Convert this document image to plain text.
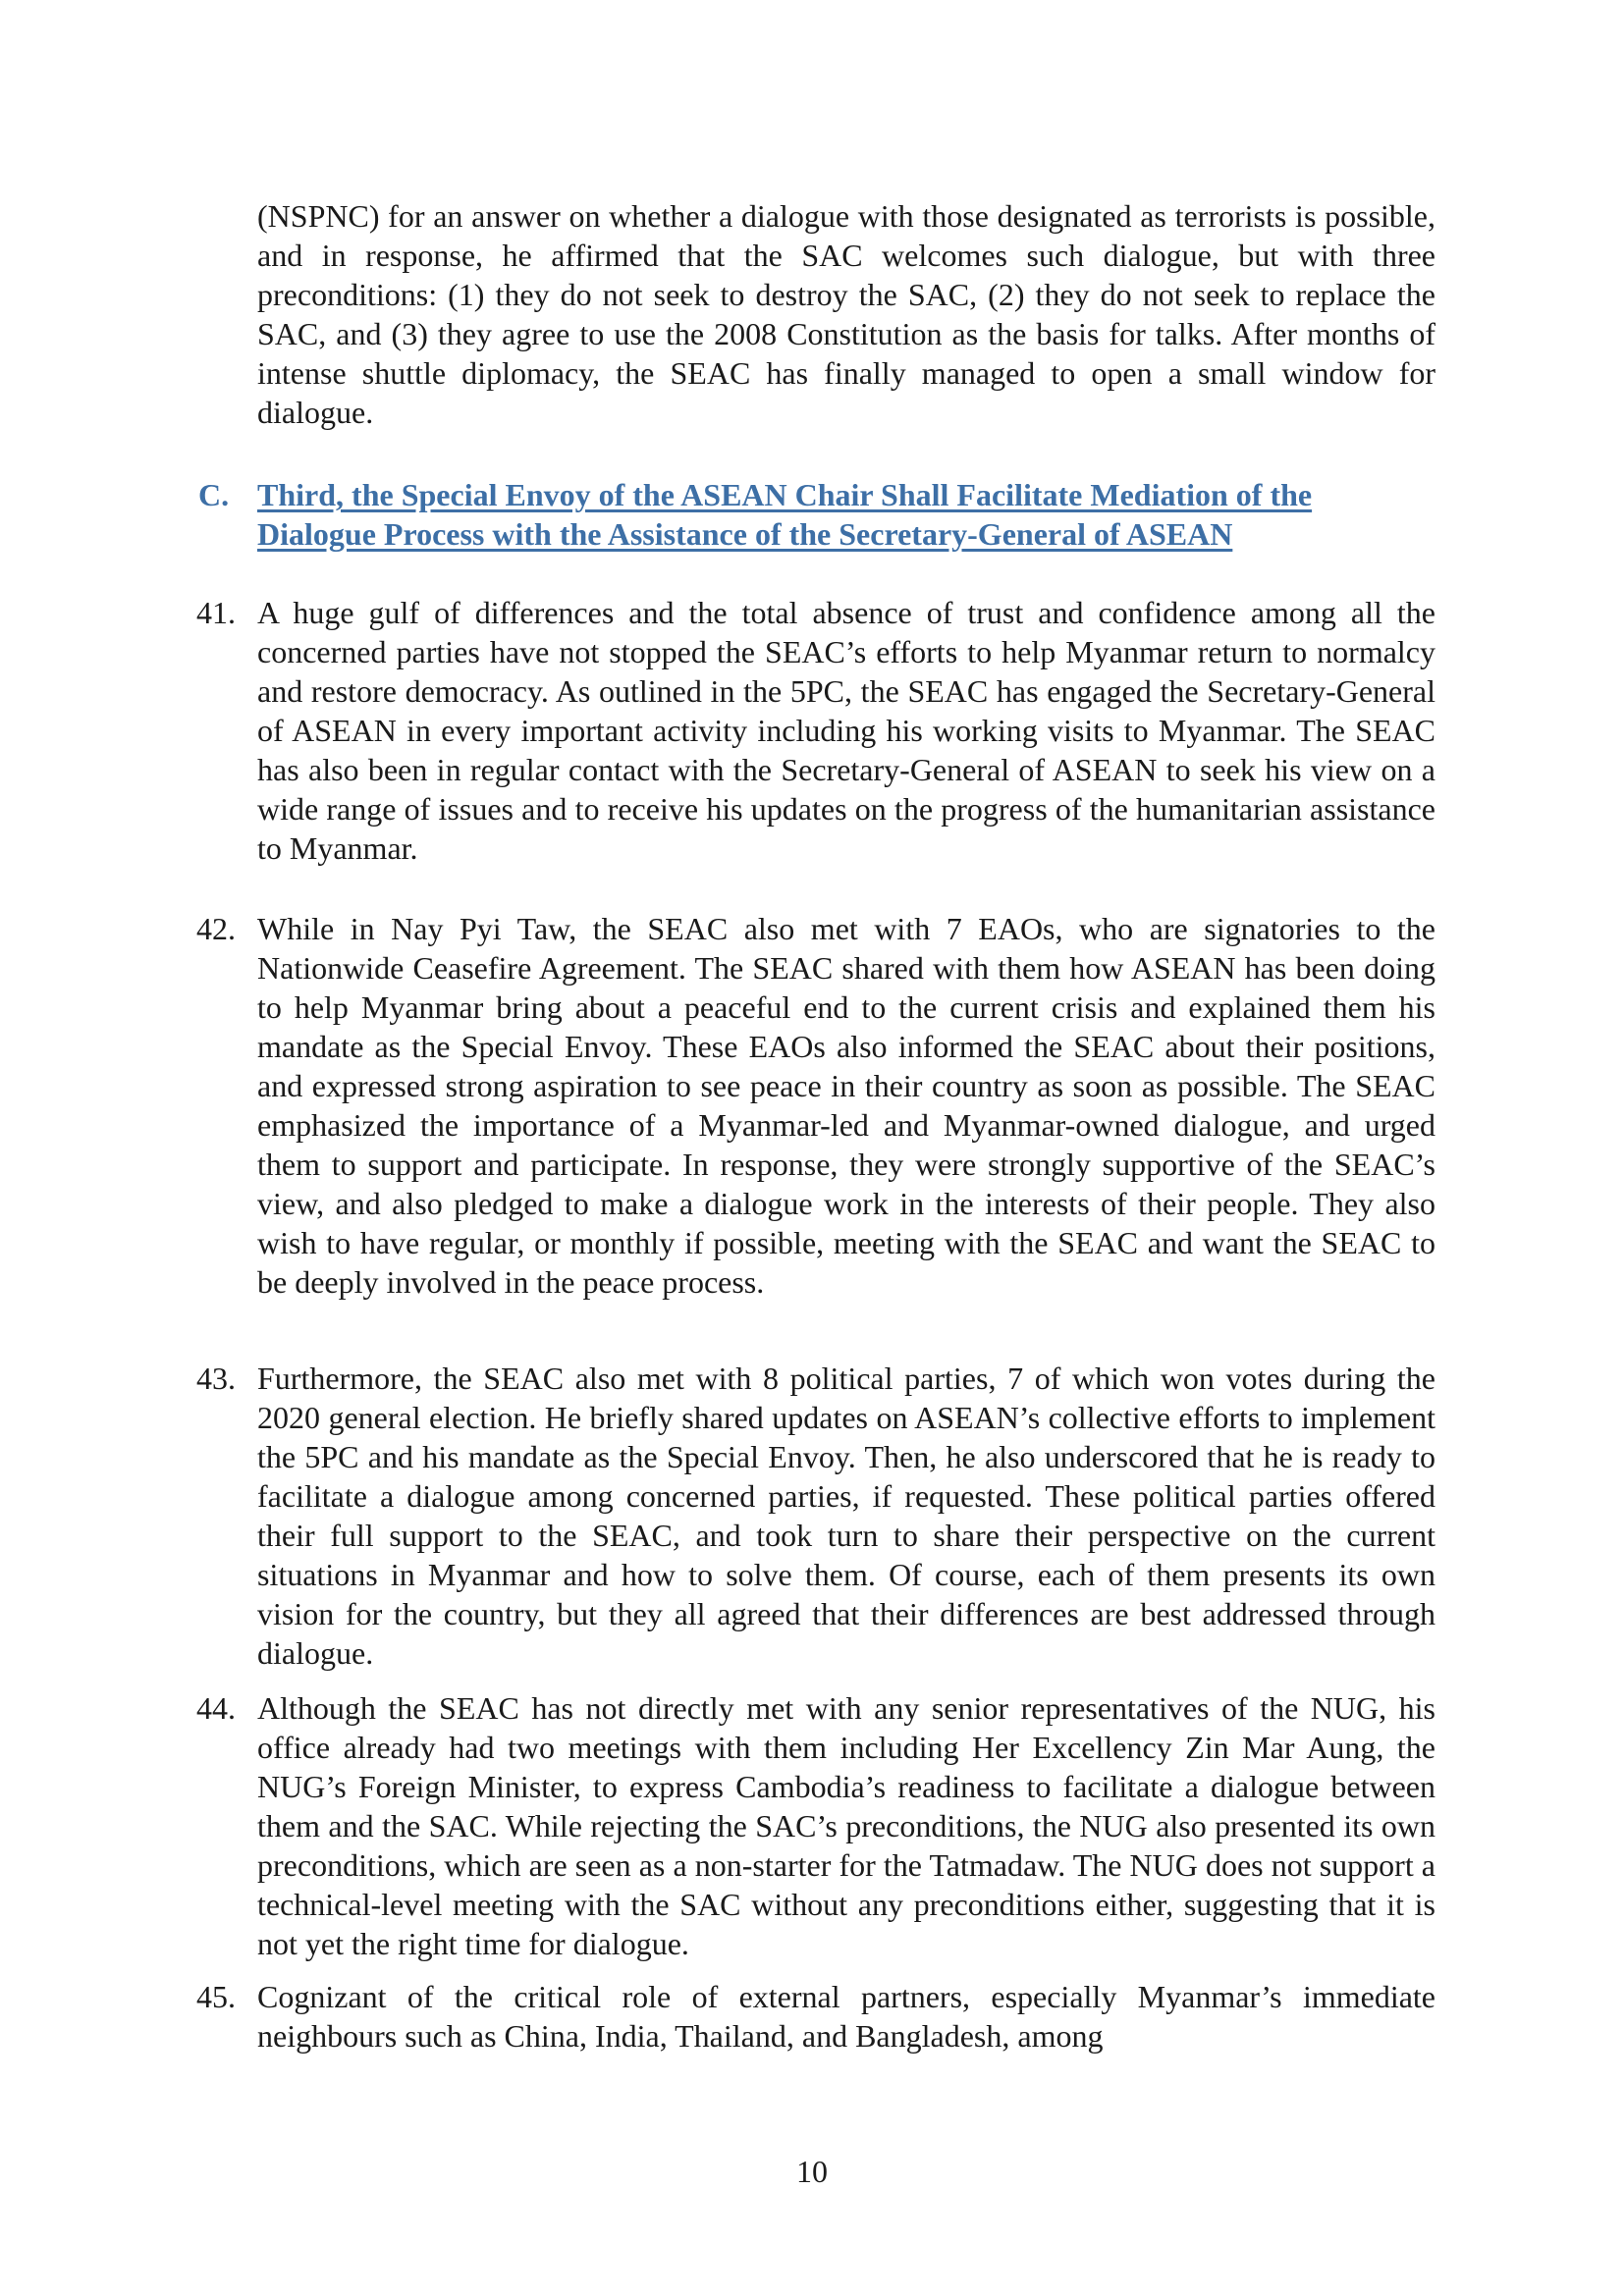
(NSPNC) for an answer on whether a dialogue with those designated as terrorists is possible, and in response, he affirmed that the SAC welcomes such dialogue, but with three preconditions: (1) they do not seek to destroy the SAC, (2) they do not seek to replace the SAC, and (3) they agree to use the 2008 Constitution as the basis for talks. After months of intense shuttle diplomacy, the SEAC has finally managed to open a small window for dialogue.

C. Third, the Special Envoy of the ASEAN Chair Shall Facilitate Mediation of the Dialogue Process with the Assistance of the Secretary-General of ASEAN
41. A huge gulf of differences and the total absence of trust and confidence among all the concerned parties have not stopped the SEAC’s efforts to help Myanmar return to normalcy and restore democracy. As outlined in the 5PC, the SEAC has engaged the Secretary-General of ASEAN in every important activity including his working visits to Myanmar. The SEAC has also been in regular contact with the Secretary-General of ASEAN to seek his view on a wide range of issues and to receive his updates on the progress of the humanitarian assistance to Myanmar.
42. While in Nay Pyi Taw, the SEAC also met with 7 EAOs, who are signatories to the Nationwide Ceasefire Agreement. The SEAC shared with them how ASEAN has been doing to help Myanmar bring about a peaceful end to the current crisis and explained them his mandate as the Special Envoy. These EAOs also informed the SEAC about their positions, and expressed strong aspiration to see peace in their country as soon as possible. The SEAC emphasized the importance of a Myanmar-led and Myanmar-owned dialogue, and urged them to support and participate. In response, they were strongly supportive of the SEAC’s view, and also pledged to make a dialogue work in the interests of their people. They also wish to have regular, or monthly if possible, meeting with the SEAC and want the SEAC to be deeply involved in the peace process.
43. Furthermore, the SEAC also met with 8 political parties, 7 of which won votes during the 2020 general election. He briefly shared updates on ASEAN’s collective efforts to implement the 5PC and his mandate as the Special Envoy. Then, he also underscored that he is ready to facilitate a dialogue among concerned parties, if requested. These political parties offered their full support to the SEAC, and took turn to share their perspective on the current situations in Myanmar and how to solve them. Of course, each of them presents its own vision for the country, but they all agreed that their differences are best addressed through dialogue.
44. Although the SEAC has not directly met with any senior representatives of the NUG, his office already had two meetings with them including Her Excellency Zin Mar Aung, the NUG’s Foreign Minister, to express Cambodia’s readiness to facilitate a dialogue between them and the SAC. While rejecting the SAC’s preconditions, the NUG also presented its own preconditions, which are seen as a non-starter for the Tatmadaw. The NUG does not support a technical-level meeting with the SAC without any preconditions either, suggesting that it is not yet the right time for dialogue.
45. Cognizant of the critical role of external partners, especially Myanmar’s immediate neighbours such as China, India, Thailand, and Bangladesh, among
10
